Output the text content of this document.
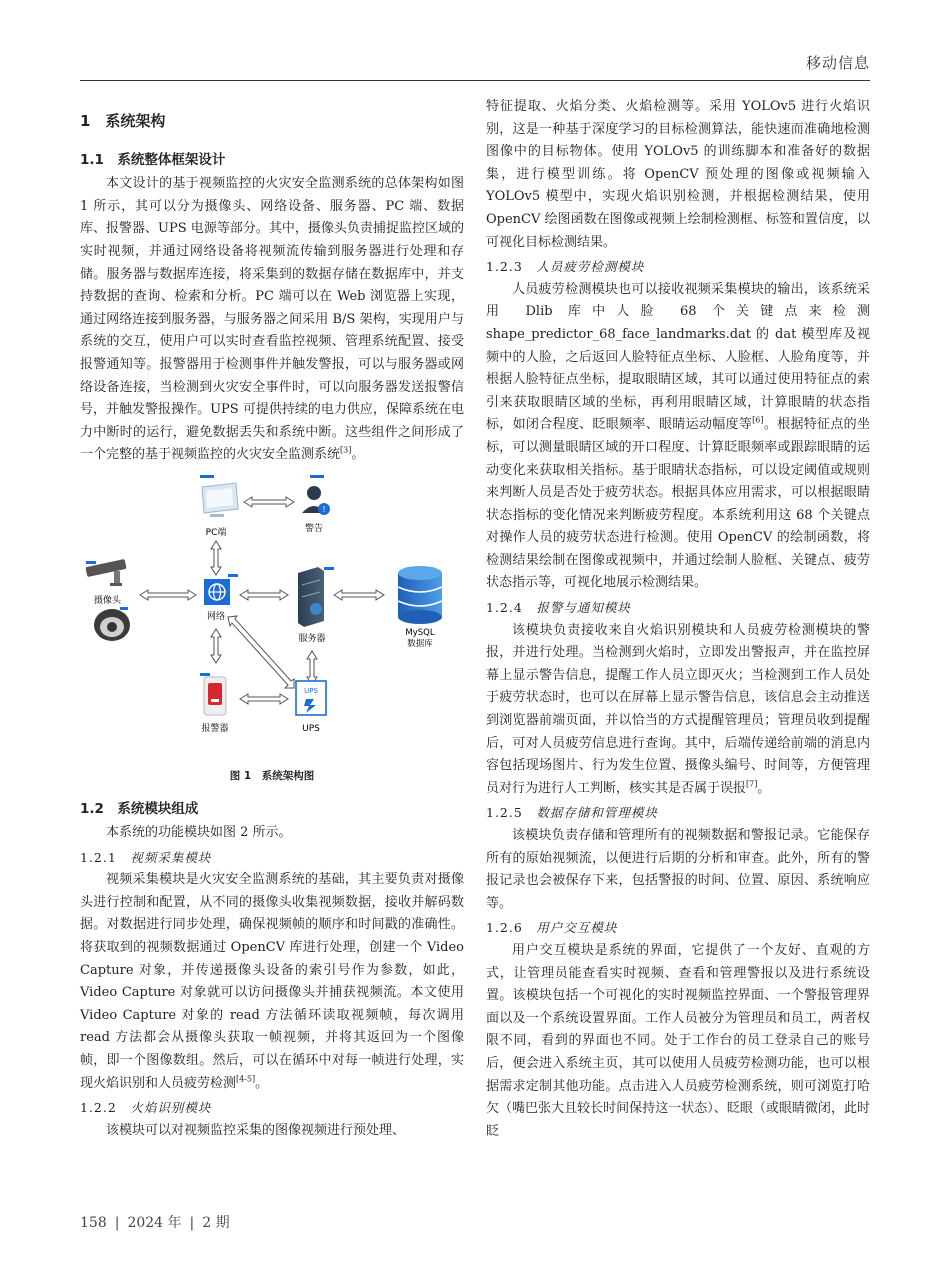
移动信息
1　系统架构
1.1　系统整体框架设计

本文设计的基于视频监控的火灾安全监测系统的总体架构如图 1 所示，其可以分为摄像头、网络设备、服务器、PC 端、数据库、报警器、UPS 电源等部分。其中，摄像头负责捕捉监控区域的实时视频，并通过网络设备将视频流传输到服务器进行处理和存储。服务器与数据库连接，将采集到的数据存储在数据库中，并支持数据的查询、检索和分析。PC 端可以在 Web 浏览器上实现，通过网络连接到服务器，与服务器之间采用 B/S 架构，实现用户与系统的交互，使用户可以实时查看监控视频、管理系统配置、接受报警通知等。报警器用于检测事件并触发警报，可以与服务器或网络设备连接，当检测到火灾安全事件时，可以向服务器发送报警信号，并触发警报操作。UPS 可提供持续的电力供应，保障系统在电力中断时的运行，避免数据丢失和系统中断。这些组件之间形成了一个完整的基于视频监控的火灾安全监测系统[3]。

PC端
!
警告
摄像头
网络
服务器
MySQL
数据库
报警器
UPS
UPS
图 1　系统架构图
1.2　系统模块组成

本系统的功能模块如图 2 所示。

1.2.1　 视频采集模块

视频采集模块是火灾安全监测系统的基础，其主要负责对摄像头进行控制和配置，从不同的摄像头收集视频数据，接收并解码数据。对数据进行同步处理，确保视频帧的顺序和时间戳的准确性。将获取到的视频数据通过 OpenCV 库进行处理，创建一个 Video Capture 对象，并传递摄像头设备的索引号作为参数，如此，Video Capture 对象就可以访问摄像头并捕获视频流。本文使用 Video Capture 对象的 read 方法循环读取视频帧，每次调用 read 方法都会从摄像头获取一帧视频，并将其返回为一个图像帧，即一个图像数组。然后，可以在循环中对每一帧进行处理，实现火焰识别和人员疲劳检测[4-5]。

1.2.2　 火焰识别模块

该模块可以对视频监控采集的图像视频进行预处理、

特征提取、火焰分类、火焰检测等。采用 YOLOv5 进行火焰识别，这是一种基于深度学习的目标检测算法，能快速而准确地检测图像中的目标物体。使用 YOLOv5 的训练脚本和准备好的数据集，进行模型训练。将 OpenCV 预处理的图像或视频输入 YOLOv5 模型中，实现火焰识别检测，并根据检测结果，使用 OpenCV 绘图函数在图像或视频上绘制检测框、标签和置信度，以可视化目标检测结果。

1.2.3　 人员疲劳检测模块

人员疲劳检测模块也可以接收视频采集模块的输出，该系统采用 Dlib 库中人脸 68 个关键点来检测 shape_predictor_68_face_landmarks.dat 的 dat 模型库及视频中的人脸，之后返回人脸特征点坐标、人脸框、人脸角度等，并根据人脸特征点坐标，提取眼睛区域，其可以通过使用特征点的索引来获取眼睛区域的坐标，再利用眼睛区域，计算眼睛的状态指标，如闭合程度、眨眼频率、眼睛运动幅度等[6]。根据特征点的坐标，可以测量眼睛区域的开口程度、计算眨眼频率或跟踪眼睛的运动变化来获取相关指标。基于眼睛状态指标，可以设定阈值或规则来判断人员是否处于疲劳状态。根据具体应用需求，可以根据眼睛状态指标的变化情况来判断疲劳程度。本系统利用这 68 个关键点对操作人员的疲劳状态进行检测。使用 OpenCV 的绘制函数，将检测结果绘制在图像或视频中，并通过绘制人脸框、关键点、疲劳状态指示等，可视化地展示检测结果。

1.2.4　 报警与通知模块

该模块负责接收来自火焰识别模块和人员疲劳检测模块的警报，并进行处理。当检测到火焰时，立即发出警报声，并在监控屏幕上显示警告信息，提醒工作人员立即灭火；当检测到工作人员处于疲劳状态时，也可以在屏幕上显示警告信息，该信息会主动推送到浏览器前端页面，并以恰当的方式提醒管理员；管理员收到提醒后，可对人员疲劳信息进行查询。其中，后端传递给前端的消息内容包括现场图片、行为发生位置、摄像头编号、时间等，方便管理员对行为进行人工判断，核实其是否属于误报[7]。

1.2.5　 数据存储和管理模块

该模块负责存储和管理所有的视频数据和警报记录。它能保存所有的原始视频流，以便进行后期的分析和审查。此外，所有的警报记录也会被保存下来，包括警报的时间、位置、原因、系统响应等。

1.2.6　 用户交互模块

用户交互模块是系统的界面，它提供了一个友好、直观的方式，让管理员能查看实时视频、查看和管理警报以及进行系统设置。该模块包括一个可视化的实时视频监控界面、一个警报管理界面以及一个系统设置界面。工作人员被分为管理员和员工，两者权限不同，看到的界面也不同。处于工作台的员工登录自己的账号后，便会进入系统主页，其可以使用人员疲劳检测功能，也可以根据需求定制其他功能。点击进入人员疲劳检测系统，则可浏览打哈欠（嘴巴张大且较长时间保持这一状态）、眨眼（或眼睛微闭，此时眨

158 | 2024 年 | 2 期
